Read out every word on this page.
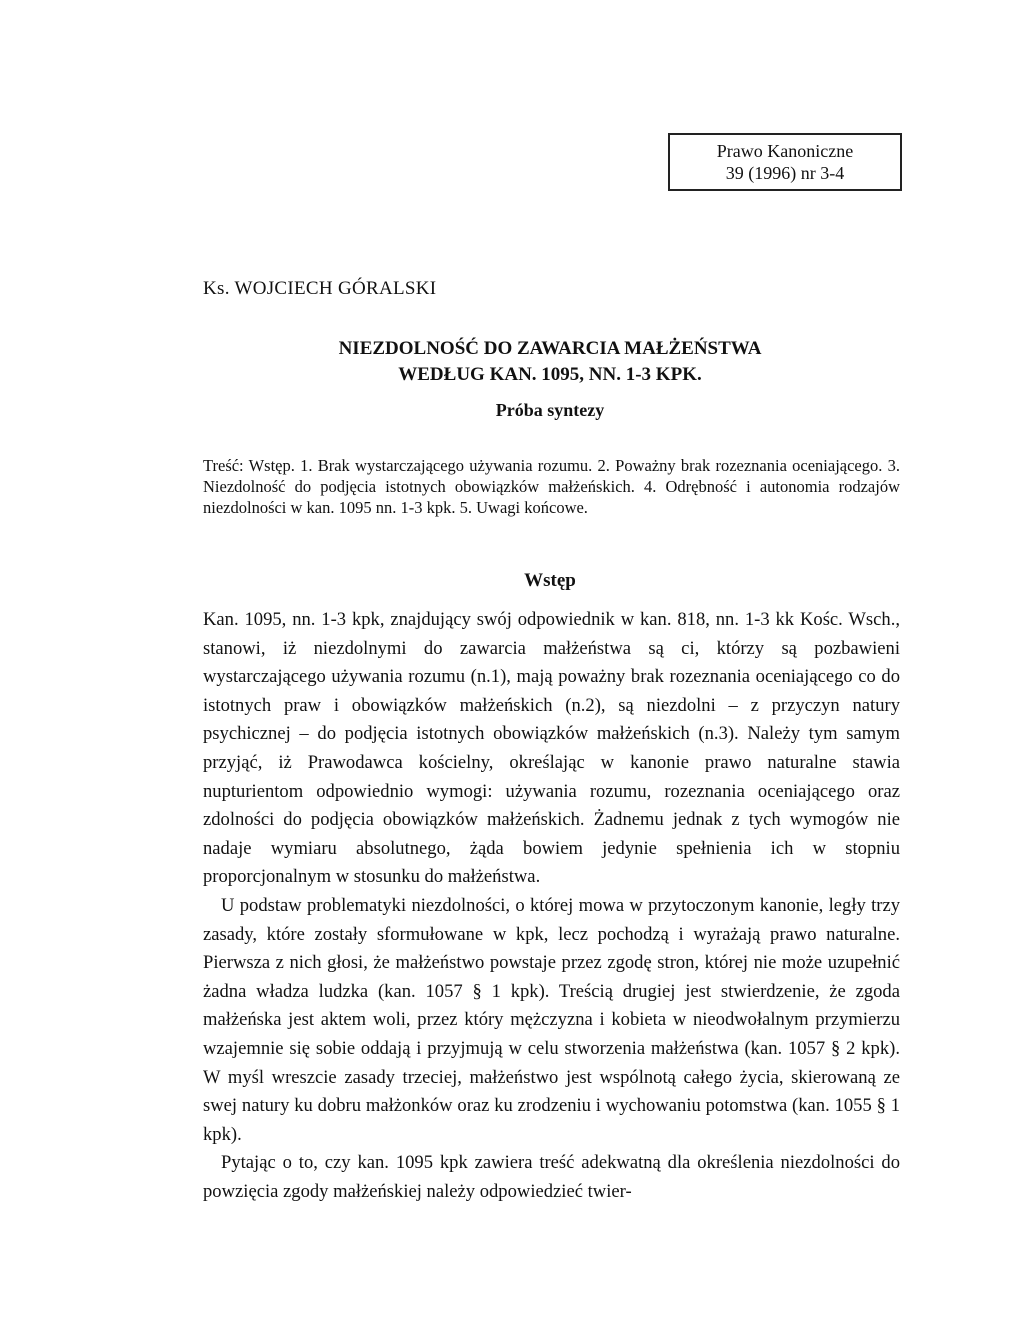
Prawo Kanoniczne
39 (1996) nr 3-4
Ks. WOJCIECH GÓRALSKI
NIEZDOLNOŚĆ DO ZAWARCIA MAŁŻEŃSTWA
WEDŁUG KAN. 1095, NN. 1-3 KPK.
Próba syntezy
Treść: Wstęp. 1. Brak wystarczającego używania rozumu. 2. Poważny brak rozeznania oceniającego. 3. Niezdolność do podjęcia istotnych obowiązków małżeńskich. 4. Odrębność i autonomia rodzajów niezdolności w kan. 1095 nn. 1-3 kpk. 5. Uwagi końcowe.
Wstęp

Kan. 1095, nn. 1-3 kpk, znajdujący swój odpowiednik w kan. 818, nn. 1-3 kk Kośc. Wsch., stanowi, iż niezdolnymi do zawarcia małżeństwa są ci, którzy są pozbawieni wystarczającego używania rozumu (n.1), mają poważny brak rozeznania oceniającego co do istotnych praw i obowiązków małżeńskich (n.2), są niezdolni – z przyczyn natury psychicznej – do podjęcia istotnych obowiązków małżeńskich (n.3). Należy tym samym przyjąć, iż Prawodawca kościelny, określając w kanonie prawo naturalne stawia nupturientom odpowiednio wymogi: używania rozumu, rozeznania oceniającego oraz zdolności do podjęcia obowiązków małżeńskich. Żadnemu jednak z tych wymogów nie nadaje wymiaru absolutnego, żąda bowiem jedynie spełnienia ich w stopniu proporcjonalnym w stosunku do małżeństwa.

U podstaw problematyki niezdolności, o której mowa w przytoczonym kanonie, legły trzy zasady, które zostały sformułowane w kpk, lecz pochodzą i wyrażają prawo naturalne. Pierwsza z nich głosi, że małżeństwo powstaje przez zgodę stron, której nie może uzupełnić żadna władza ludzka (kan. 1057 § 1 kpk). Treścią drugiej jest stwierdzenie, że zgoda małżeńska jest aktem woli, przez który mężczyzna i kobieta w nieodwołalnym przymierzu wzajemnie się sobie oddają i przyjmują w celu stworzenia małżeństwa (kan. 1057 § 2 kpk). W myśl wreszcie zasady trzeciej, małżeństwo jest wspólnotą całego życia, skierowaną ze swej natury ku dobru małżonków oraz ku zrodzeniu i wychowaniu potomstwa (kan. 1055 § 1 kpk).

Pytając o to, czy kan. 1095 kpk zawiera treść adekwatną dla określenia niezdolności do powzięcia zgody małżeńskiej należy odpowiedzieć twier-
